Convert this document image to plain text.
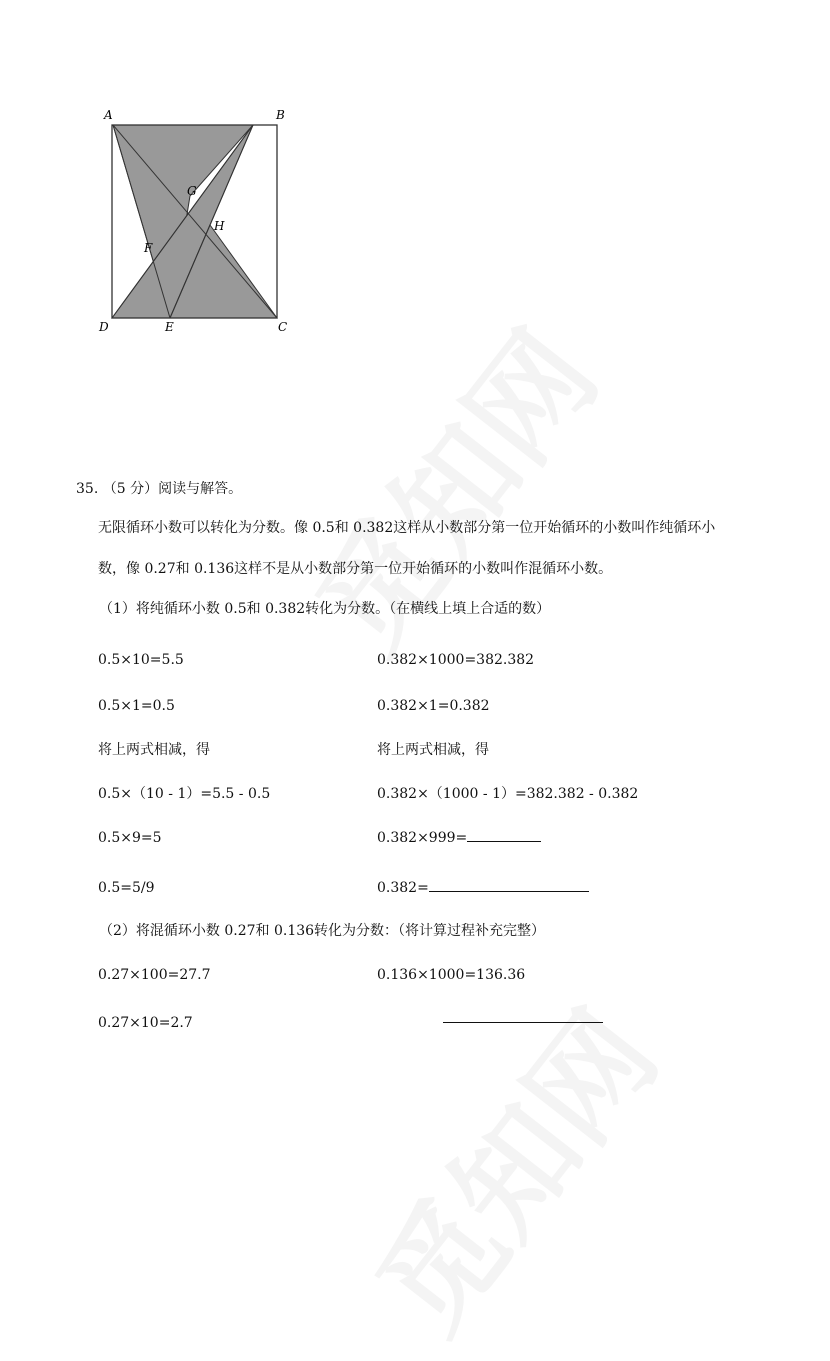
A	B
C
D	E
F
G
H
35. （5 分）阅读与解答。
无限循环小数可以转化为分数。像 0.5和 0.382这样从小数部分第一位开始循环的小数叫作纯循环小
数，像 0.27和 0.136这样不是从小数部分第一位开始循环的小数叫作混循环小数。
（1）将纯循环小数 0.5和 0.382转化为分数。（在横线上填上合适的数）
0.5×10=5.5
0.5×1=0.5
将上两式相减，得
0.5×（10 - 1）=5.5 - 0.5
0.5×9=5
0.5=5/9
0.382×1000=382.382
0.382×1=0.382
将上两式相减，得
0.382×（1000 - 1）=382.382 - 0.382
0.382×999=
0.382=
（2）将混循环小数 0.27和 0.136转化为分数：（将计算过程补充完整）
0.27×100=27.7
0.27×10=2.7
0.136×1000=136.36
